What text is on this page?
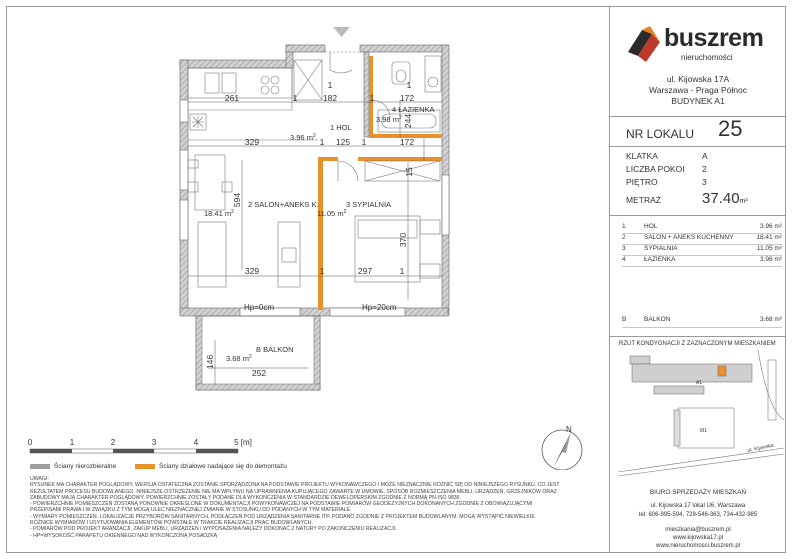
261	182	172
329	125	172
329	297
594
370
244
15
252
146
1	1
1	1
1	1
1
1
1 HOL
3.96 $m^2$
2 SALON+ANEKS K.
18.41 $m^2$
3 SYPIALNIA
11.05 $m^2$
4 ŁAZIENKA
3.98 $m^2$
B BALKON
3.68 $m^2$
Hp=0cm	Hp=20cm
0	1	2	3	4	5 [m]
N
Ściany nierozbieralne	Ściany działowe nadające się do demontażu
UWAGI:
RYSUNEK MA CHARAKTER POGLĄDOWY. WERSJA OSTATECZNA ZOSTANIE SPORZĄDZONA NA PODSTAWIE PROJEKTU WYKONAWCZEGO I MOŻE NIEZNACZNIE RÓŻNIĆ SIĘ OD NINIEJSZEGO RYSUNKU, CO JEST
REZULTATEM PROCESU BUDOWLANEGO. NINIEJSZE OSTRZEŻENIE NIE MA WPŁYWU NA UPRAWNIENIA KUPUJĄCEGO ZAWARTE W UMOWIE. SPOSÓB ROZMIESZCZENIA MEBLI, URZĄDZEŃ, GRZEJNIKÓW ORAZ
ZABUDOWY MAJĄ CHARAKTER POGLĄDOWY. POWIERZCHNIE ZOSTAŁY PODANE DLA WYKOŃCZENIA W STANDARDZIE DEWELOPERSKIM ZGODNIE Z NORMĄ PN-ISO 9836.
- POWIERZCHNIE POMIESZCZEŃ ZOSTANĄ PONOWNIE OKREŚLONE W DOKUMENTACJI POWYKONAWCZEJ NA PODSTAWIE POMIARÓW GEODEZYJNYCH DOKONANYCH ZGODNIE Z OBOWIĄZUJĄCYMI
PRZEPISAMI PRAWA I W ZWIĄZKU Z TYM MOGĄ ULEC NIEZNACZNEJ ZMIANIE W STOSUNKU DO PODANYCH W TYM MATERIALE.
- WYMIARY POMIESZCZEŃ, LOKALIZACJE PRZYBORÓW SANITARNYCH, PODŁĄCZEŃ POD URZĄDZENIA SANITARNE ITP. PODANO ZGODNIE Z PROJEKTEM BUDOWLANYM. MOGĄ WYSTĄPIĆ NIEWIELKIE
RÓŻNICE WYMIARÓW I USYTUOWANIA ELEMENTÓW POWSTAŁE W TRAKCIE REALIZACJI PRAC BUDOWLANYCH.
- POMIARÓW POD PROJEKT ARANŻACJI, ZAKUP MEBLI, URZĄDZEŃ I WYPOSAŻENIA NALEŻY DOKONAĆ Z NATURY PO ZAKOŃCZENIU REALIZACJI.
- HP=WYSOKOŚĆ PARAPETU OKIENNEGO NAD WYKOŃCZONĄ POSADZKĄ
buszrem
nieruchomości
ul. Kijowska 17A
Warszawa - Praga Północ
BUDYNEK A1
NR LOKALU 25
KLATKA	A
LICZBA POKOI 2
PIĘTRO	3
METRAŻ	37.40m²
1	HOL	3.96 m²
2	SALON + ANEKS KUCHENNY	18.41 m²
3	SYPIALNIA	11.05 m²
4	ŁAZIENKA	3.98 m²
B	BALKON	3.68 m²
RZUT KONDYGNACJI Z ZAZNACZONYM MIESZKANIEM
A1
M1
ul. Kijowska
BIURO SPRZEDAŻY MIESZKAŃ
ul. Kijowska 17 lokal U6, Warszawa
tel: 606-995-594, 728-546-363, 734-432-985
mieszkania@buszrem.pl
www.kijowska17.pl
www.nieruchomosci.buszrem.pl
